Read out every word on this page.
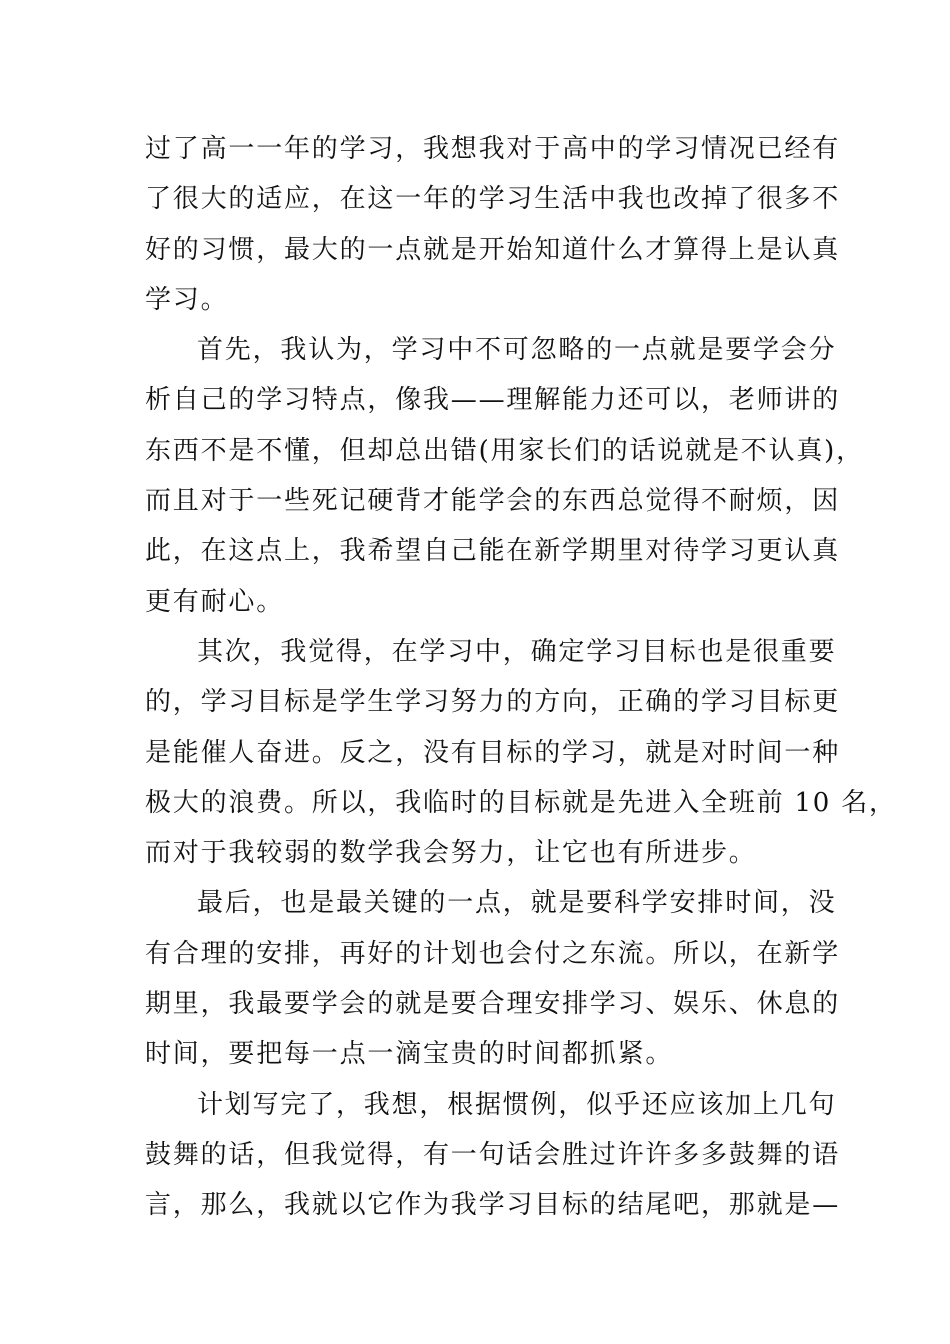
过了高一一年的学习，我想我对于高中的学习情况已经有
了很大的适应，在这一年的学习生活中我也改掉了很多不
好的习惯，最大的一点就是开始知道什么才算得上是认真
学习。
首先，我认为，学习中不可忽略的一点就是要学会分
析自己的学习特点，像我——理解能力还可以，老师讲的
东西不是不懂，但却总出错(用家长们的话说就是不认真)，
而且对于一些死记硬背才能学会的东西总觉得不耐烦，因
此，在这点上，我希望自己能在新学期里对待学习更认真
更有耐心。
其次，我觉得，在学习中，确定学习目标也是很重要
的，学习目标是学生学习努力的方向，正确的学习目标更
是能催人奋进。反之，没有目标的学习，就是对时间一种
极大的浪费。所以，我临时的目标就是先进入全班前 10 名，
而对于我较弱的数学我会努力，让它也有所进步。
最后，也是最关键的一点，就是要科学安排时间，没
有合理的安排，再好的计划也会付之东流。所以，在新学
期里，我最要学会的就是要合理安排学习、娱乐、休息的
时间，要把每一点一滴宝贵的时间都抓紧。
计划写完了，我想，根据惯例，似乎还应该加上几句
鼓舞的话，但我觉得，有一句话会胜过许许多多鼓舞的语
言，那么，我就以它作为我学习目标的结尾吧，那就是—
